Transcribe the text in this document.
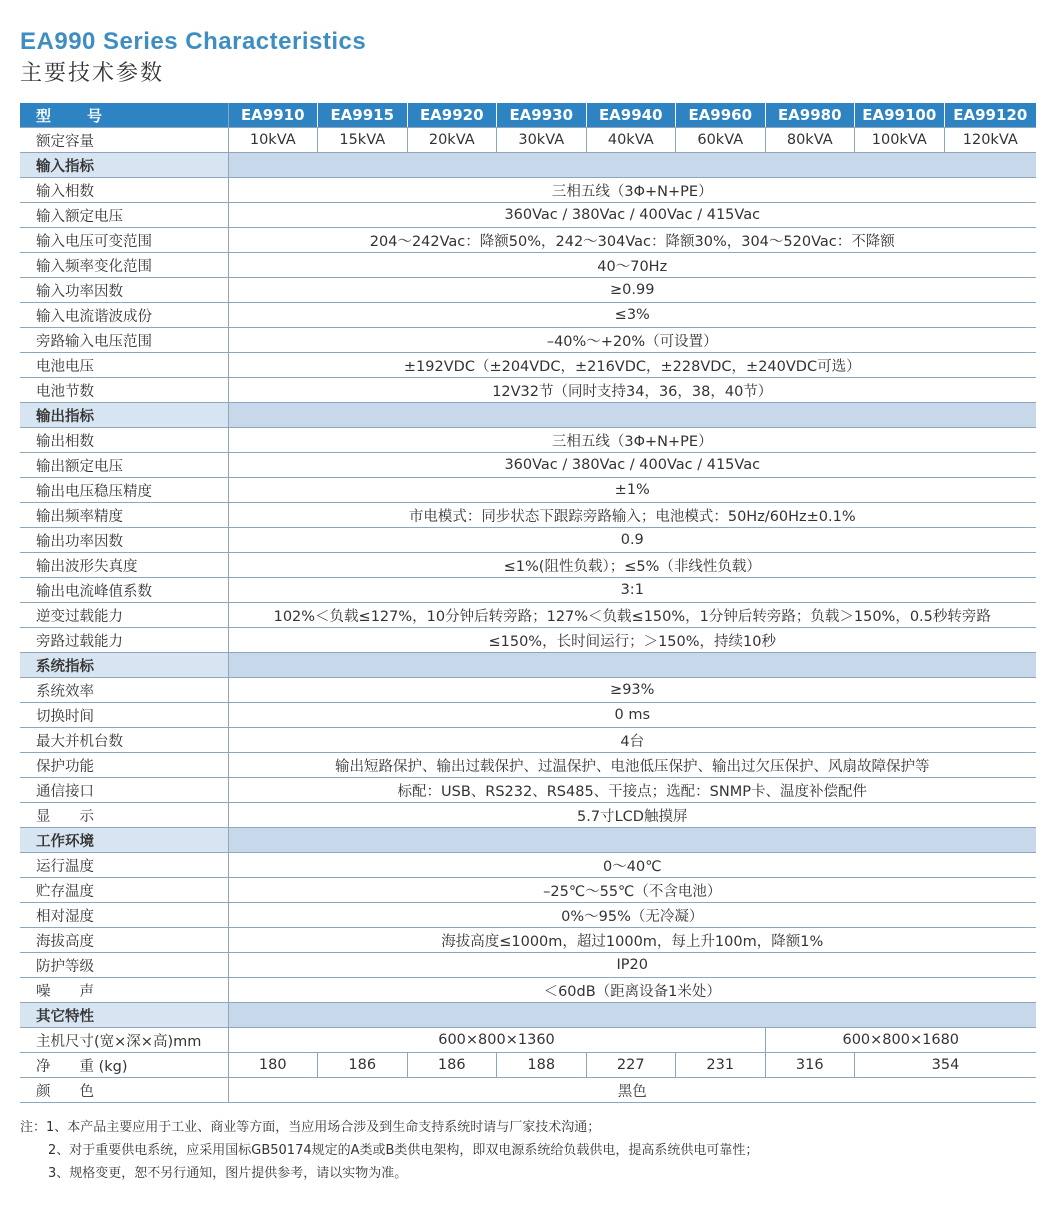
EA990 Series Characteristics
主要技术参数
型　　号	EA9910	EA9915	EA9920	EA9930	EA9940	EA9960	EA9980	EA99100	EA99120
额定容量	10kVA	15kVA	20kVA	30kVA	40kVA	60kVA	80kVA	100kVA	120kVA
输入指标									
输入相数	三相五线（3Φ+N+PE）								
输入额定电压	360Vac / 380Vac / 400Vac / 415Vac								
输入电压可变范围	204～242Vac：降额50%，242～304Vac：降额30%，304～520Vac：不降额								
输入频率变化范围	40～70Hz								
输入功率因数	≥0.99								
输入电流谐波成份	≤3%								
旁路输入电压范围	–40%～+20%（可设置）								
电池电压	±192VDC（±204VDC，±216VDC，±228VDC，±240VDC可选）								
电池节数	12V32节（同时支持34，36，38，40节）								
输出指标									
输出相数	三相五线（3Φ+N+PE）								
输出额定电压	360Vac / 380Vac / 400Vac / 415Vac								
输出电压稳压精度	±1%								
输出频率精度	市电模式：同步状态下跟踪旁路输入；电池模式：50Hz/60Hz±0.1%								
输出功率因数	0.9								
输出波形失真度	≤1%(阻性负载）；≤5%（非线性负载）								
输出电流峰值系数	3:1								
逆变过载能力	102%＜负载≤127%，10分钟后转旁路；127%＜负载≤150%，1分钟后转旁路；负载＞150%，0.5秒转旁路								
旁路过载能力	≤150%，长时间运行；＞150%，持续10秒								
系统指标									
系统效率	≥93%								
切换时间	0 ms								
最大并机台数	4台								
保护功能	输出短路保护、输出过载保护、过温保护、电池低压保护、输出过欠压保护、风扇故障保护等								
通信接口	标配：USB、RS232、RS485、干接点；选配：SNMP卡、温度补偿配件								
显　　示	5.7寸LCD触摸屏								
工作环境									
运行温度	0～40℃								
贮存温度	–25℃～55℃（不含电池）								
相对湿度	0%～95%（无冷凝）								
海拔高度	海拔高度≤1000m，超过1000m，每上升100m，降额1%								
防护等级	IP20								
噪　　声	＜60dB（距离设备1米处）								
其它特性									
主机尺寸(宽×深×高)mm	600×800×1360						600×800×1680		
净　　重 (kg)	180	186	186	188	227	231	316	354	
颜　　色	黑色								
注：1、本产品主要应用于工业、商业等方面，当应用场合涉及到生命支持系统时请与厂家技术沟通；
2、对于重要供电系统，应采用国标GB50174规定的A类或B类供电架构，即双电源系统给负载供电，提高系统供电可靠性；
3、规格变更，恕不另行通知，图片提供参考，请以实物为准。
